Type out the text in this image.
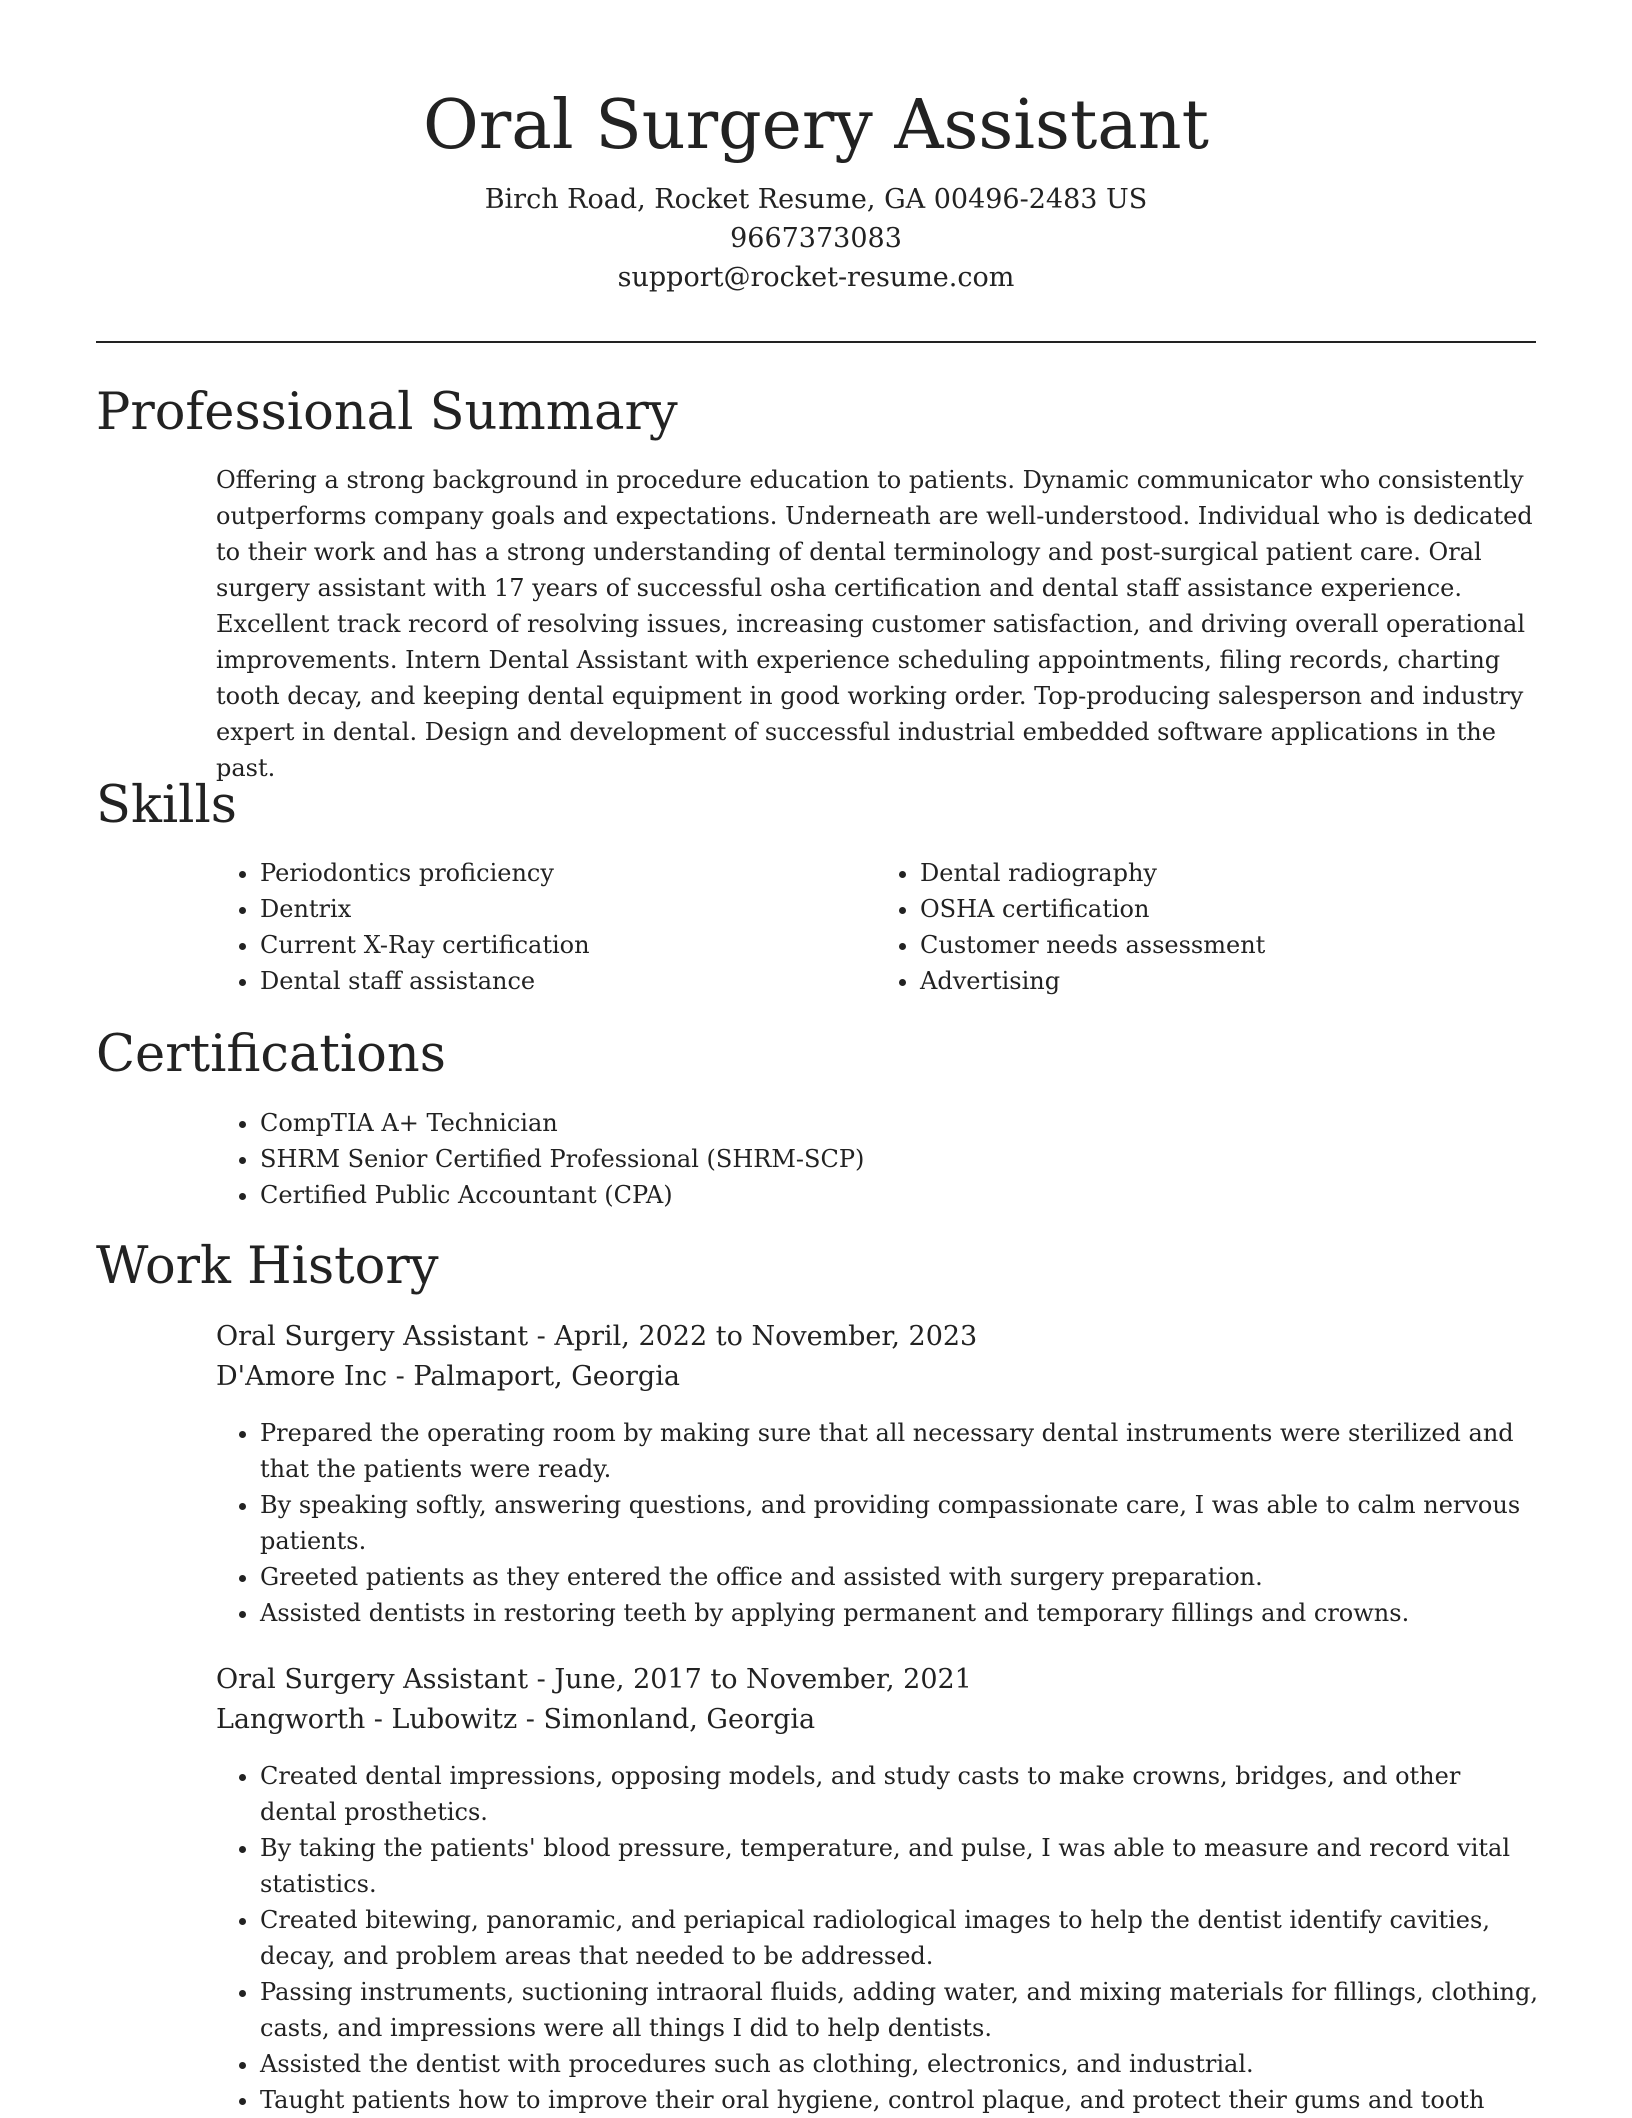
Oral Surgery Assistant
Birch Road, Rocket Resume, GA 00496-2483 US
9667373083
support@rocket-resume.com
Professional Summary

Offering a strong background in procedure education to patients. Dynamic communicator who consistently outperforms company goals and expectations. Underneath are well-understood. Individual who is dedicated to their work and has a strong understanding of dental terminology and post-surgical patient care. Oral surgery assistant with 17 years of successful osha certification and dental staff assistance experience. Excellent track record of resolving issues, increasing customer satisfaction, and driving overall operational improvements. Intern Dental Assistant with experience scheduling appointments, filing records, charting tooth decay, and keeping dental equipment in good working order. Top-producing salesperson and industry expert in dental. Design and development of successful industrial embedded software applications in the past.

Skills
• Periodontics proficiency
• Dentrix
• Current X-Ray certification
• Dental staff assistance
• Dental radiography
• OSHA certification
• Customer needs assessment
• Advertising
Certifications
• CompTIA A+ Technician
• SHRM Senior Certified Professional (SHRM-SCP)
• Certified Public Accountant (CPA)
Work History
Oral Surgery Assistant - April, 2022 to November, 2023
D'Amore Inc - Palmaport, Georgia
• Prepared the operating room by making sure that all necessary dental instruments were sterilized and that the patients were ready.
• By speaking softly, answering questions, and providing compassionate care, I was able to calm nervous patients.
• Greeted patients as they entered the office and assisted with surgery preparation.
• Assisted dentists in restoring teeth by applying permanent and temporary fillings and crowns.
Oral Surgery Assistant - June, 2017 to November, 2021
Langworth - Lubowitz - Simonland, Georgia
• Created dental impressions, opposing models, and study casts to make crowns, bridges, and other dental prosthetics.
• By taking the patients' blood pressure, temperature, and pulse, I was able to measure and record vital statistics.
• Created bitewing, panoramic, and periapical radiological images to help the dentist identify cavities, decay, and problem areas that needed to be addressed.
• Passing instruments, suctioning intraoral fluids, adding water, and mixing materials for fillings, clothing, casts, and impressions were all things I did to help dentists.
• Assisted the dentist with procedures such as clothing, electronics, and industrial.
• Taught patients how to improve their oral hygiene, control plaque, and protect their gums and tooth
